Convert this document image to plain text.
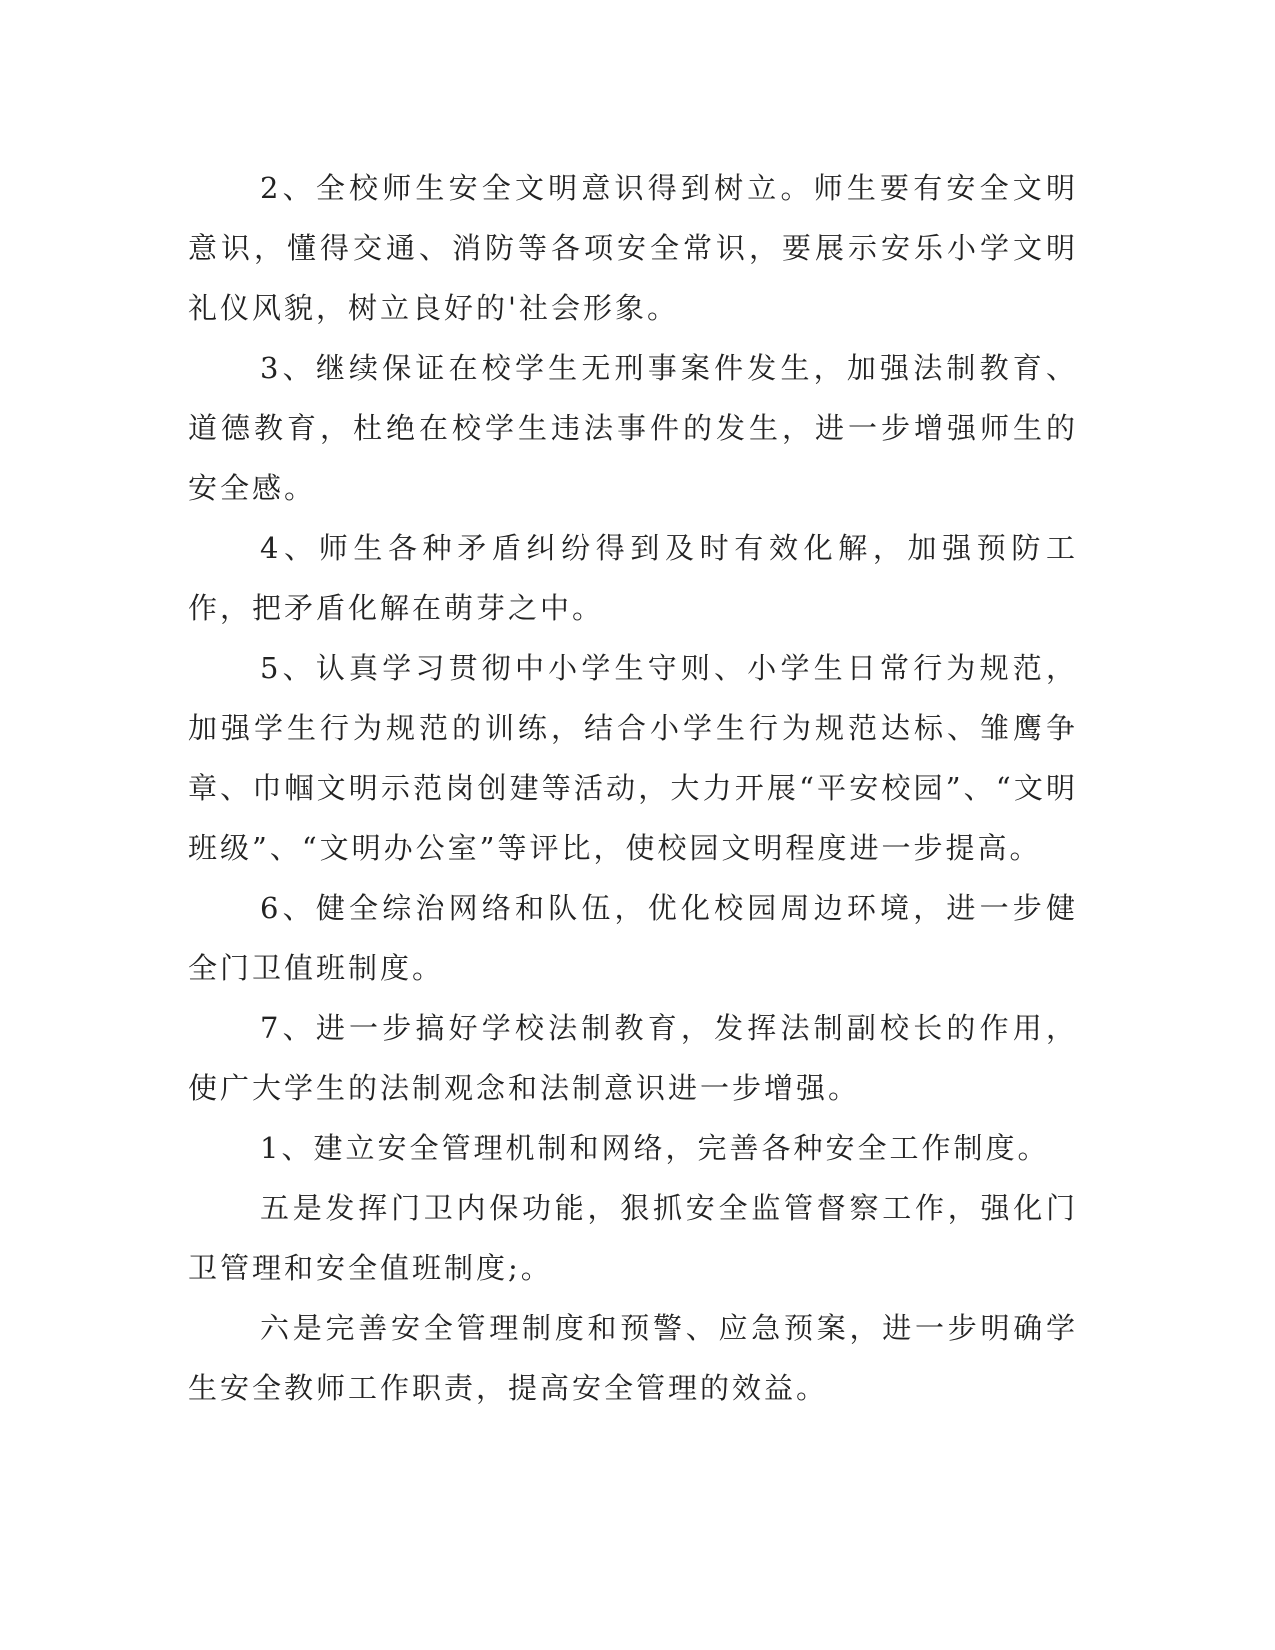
2、全校师生安全文明意识得到树立。师生要有安全文明意识，懂得交通、消防等各项安全常识，要展示安乐小学文明礼仪风貌，树立良好的'社会形象。

3、继续保证在校学生无刑事案件发生，加强法制教育、道德教育，杜绝在校学生违法事件的发生，进一步增强师生的安全感。

4、师生各种矛盾纠纷得到及时有效化解，加强预防工作，把矛盾化解在萌芽之中。

5、认真学习贯彻中小学生守则、小学生日常行为规范，加强学生行为规范的训练，结合小学生行为规范达标、雏鹰争章、巾帼文明示范岗创建等活动，大力开展“平安校园”、“文明班级”、“文明办公室”等评比，使校园文明程度进一步提高。

6、健全综治网络和队伍，优化校园周边环境，进一步健全门卫值班制度。

7、进一步搞好学校法制教育，发挥法制副校长的作用，使广大学生的法制观念和法制意识进一步增强。

1、建立安全管理机制和网络，完善各种安全工作制度。

五是发挥门卫内保功能，狠抓安全监管督察工作，强化门卫管理和安全值班制度;。

六是完善安全管理制度和预警、应急预案，进一步明确学生安全教师工作职责，提高安全管理的效益。
